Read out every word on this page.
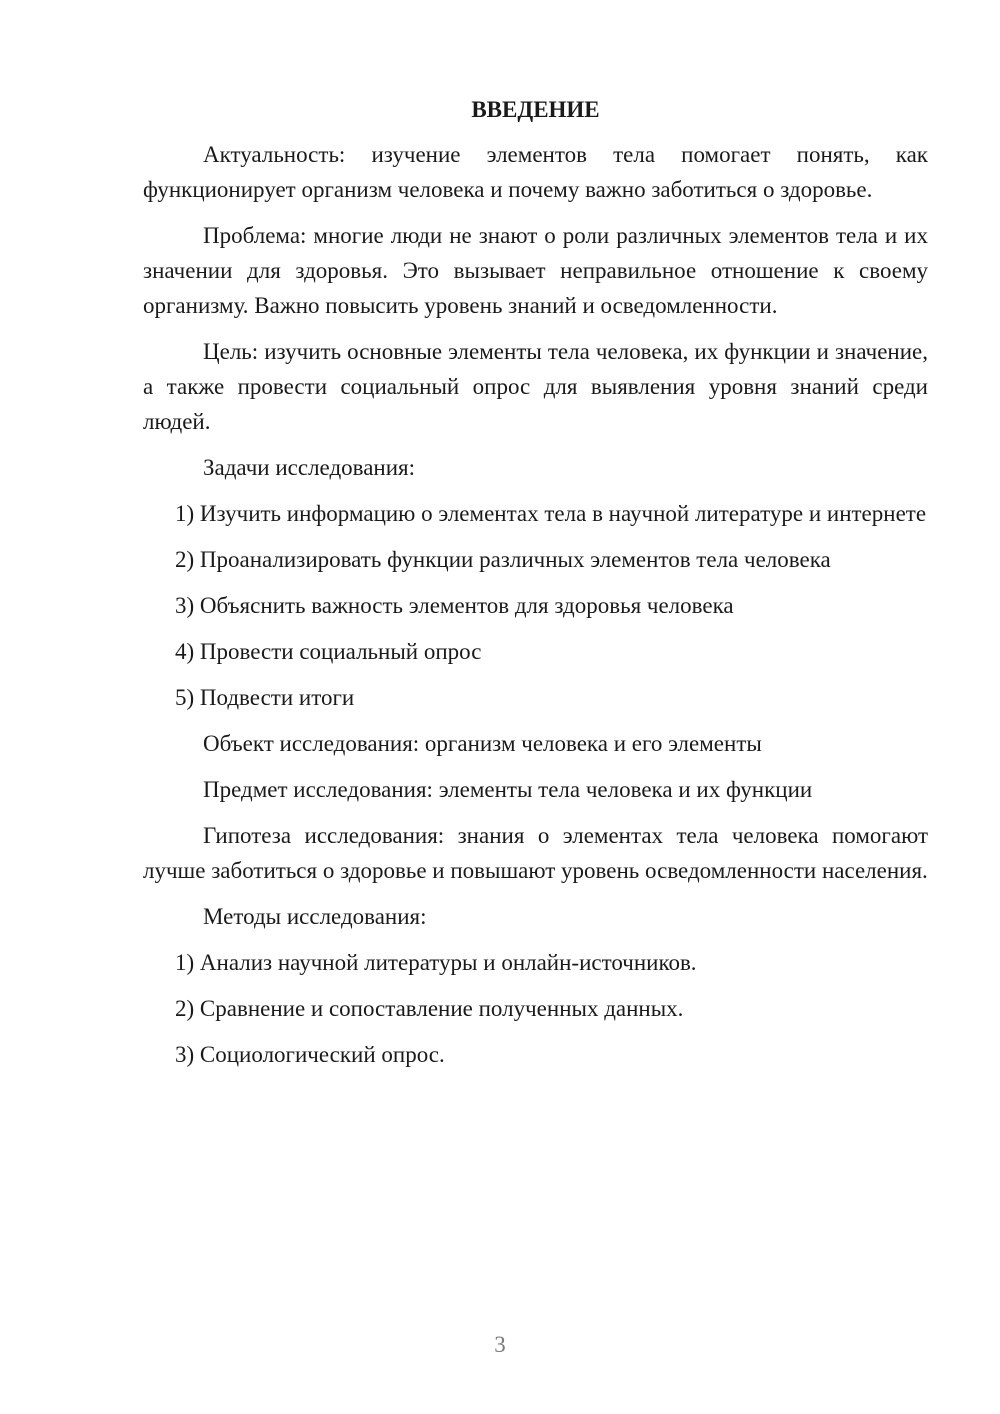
ВВЕДЕНИЕ
Актуальность: изучение элементов тела помогает понять, как функционирует организм человека и почему важно заботиться о здоровье.
Проблема: многие люди не знают о роли различных элементов тела и их значении для здоровья. Это вызывает неправильное отношение к своему организму. Важно повысить уровень знаний и осведомленности.
Цель: изучить основные элементы тела человека, их функции и значение, а также провести социальный опрос для выявления уровня знаний среди людей.
Задачи исследования:
1) Изучить информацию о элементах тела в научной литературе и интернете
2) Проанализировать функции различных элементов тела человека
3) Объяснить важность элементов для здоровья человека
4) Провести социальный опрос
5) Подвести итоги
Объект исследования: организм человека и его элементы
Предмет исследования: элементы тела человека и их функции
Гипотеза исследования: знания о элементах тела человека помогают лучше заботиться о здоровье и повышают уровень осведомленности населения.
Методы исследования:
1) Анализ научной литературы и онлайн-источников.
2) Сравнение и сопоставление полученных данных.
3) Социологический опрос.
3
